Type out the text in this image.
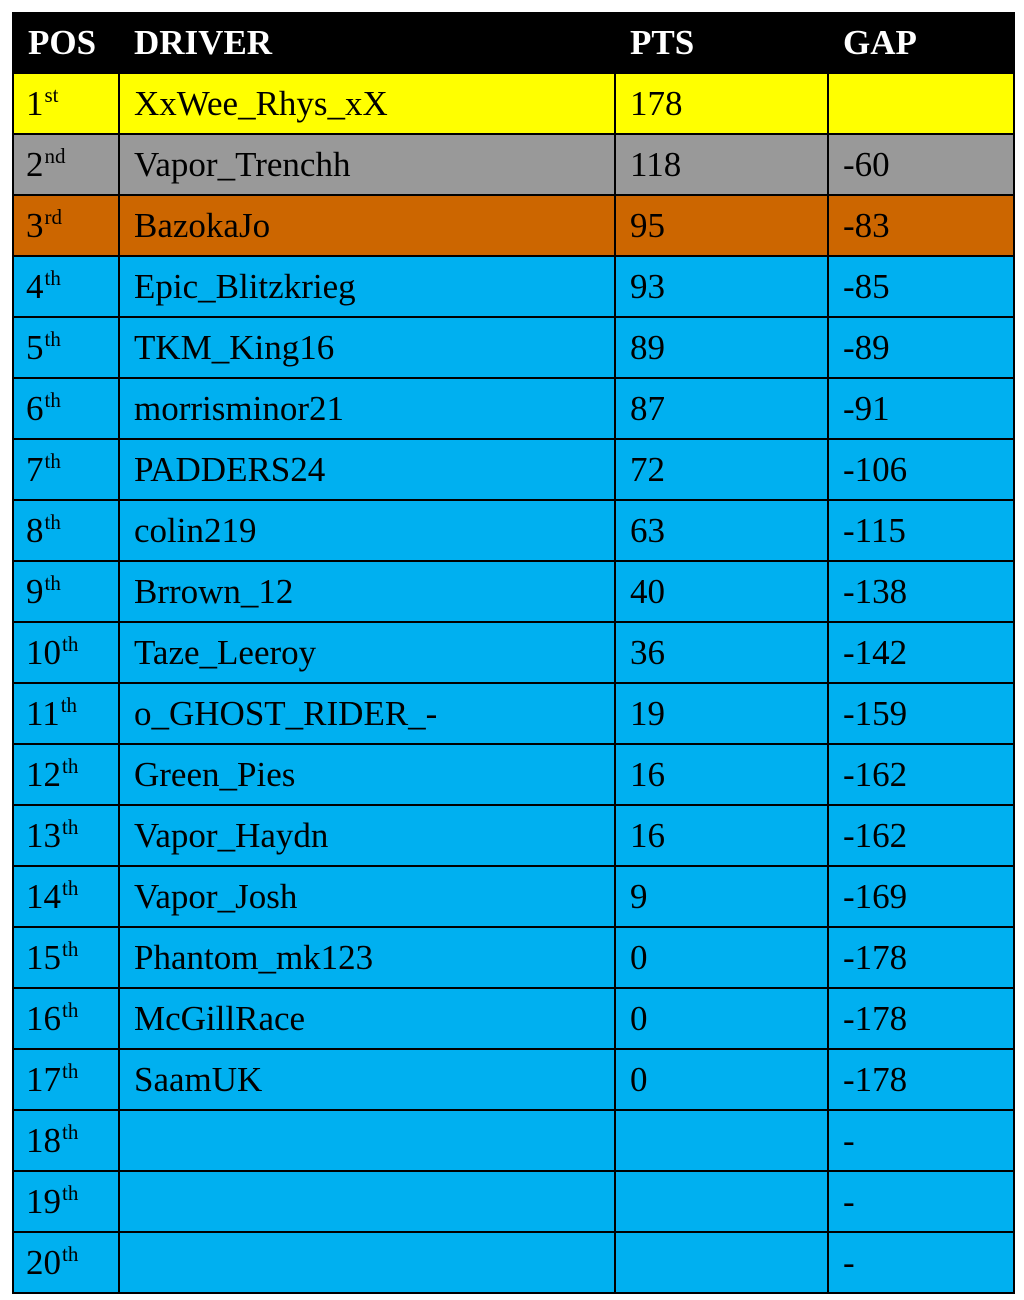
POS	DRIVER	PTS	GAP
1st	XxWee_Rhys_xX	178	
2nd	Vapor_Trenchh	118	-60
3rd	BazokaJo	95	-83
4th	Epic_Blitzkrieg	93	-85
5th	TKM_King16	89	-89
6th	morrisminor21	87	-91
7th	PADDERS24	72	-106
8th	colin219	63	-115
9th	Brrown_12	40	-138
10th	Taze_Leeroy	36	-142
11th	o_GHOST_RIDER_-	19	-159
12th	Green_Pies	16	-162
13th	Vapor_Haydn	16	-162
14th	Vapor_Josh	9	-169
15th	Phantom_mk123	0	-178
16th	McGillRace	0	-178
17th	SaamUK	0	-178
18th			-
19th			-
20th			-
